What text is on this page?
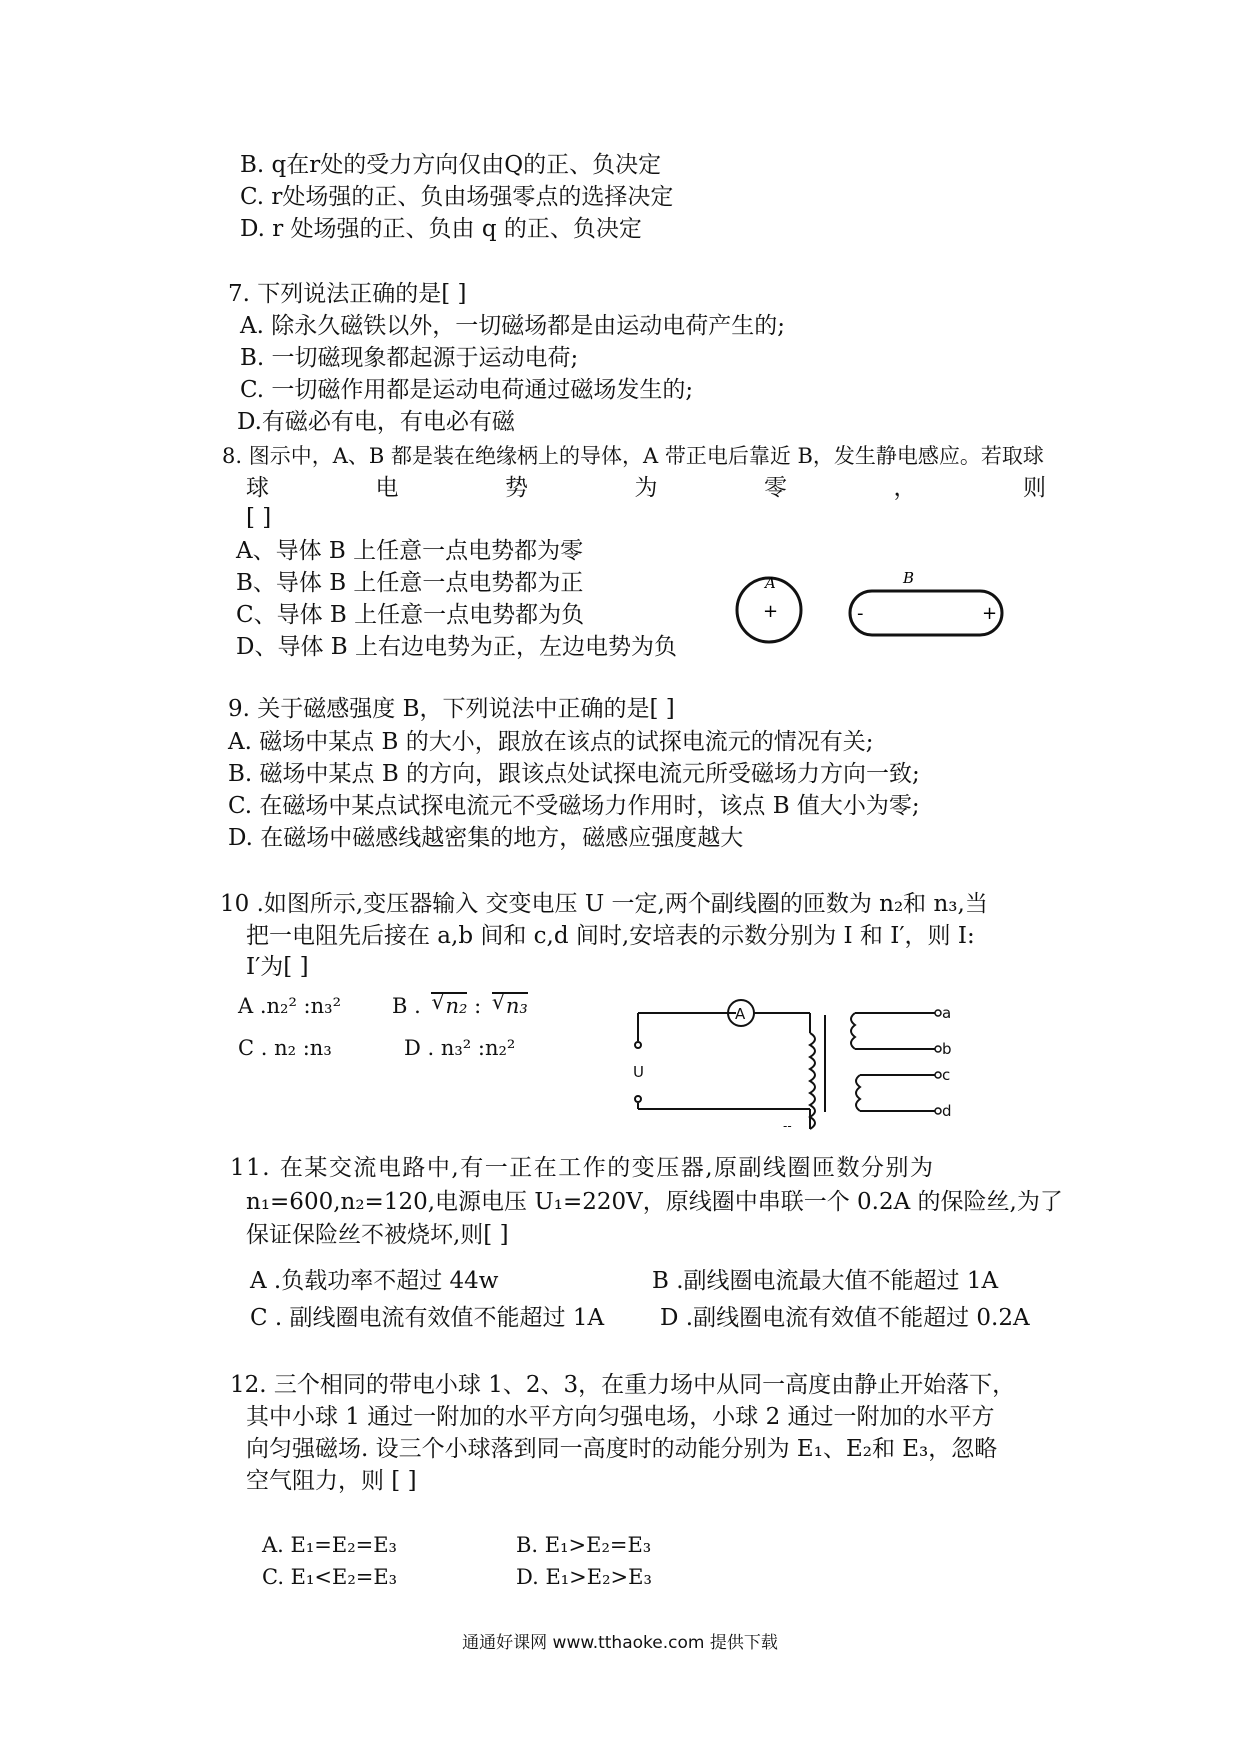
B. q在r处的受力方向仅由Q的正、负决定
C. r处场强的正、负由场强零点的选择决定
D. r 处场强的正、负由 q 的正、负决定
7. 下列说法正确的是[ ]
A. 除永久磁铁以外，一切磁场都是由运动电荷产生的;
B. 一切磁现象都起源于运动电荷;
C. 一切磁作用都是运动电荷通过磁场发生的;
D.有磁必有电，有电必有磁
8. 图示中，A、B 都是装在绝缘柄上的导体，A 带正电后靠近 B，发生静电感应。若取球
球	电	势	为	零	，	则
[ ]
A、导体 B 上任意一点电势都为零
B、导体 B 上任意一点电势都为正
C、导体 B 上任意一点电势都为负
D、导体 B 上右边电势为正，左边电势为负
A
+
B
-	+
9. 关于磁感强度 B，下列说法中正确的是[ ]
A. 磁场中某点 B 的大小，跟放在该点的试探电流元的情况有关;
B. 磁场中某点 B 的方向，跟该点处试探电流元所受磁场力方向一致;
C. 在磁场中某点试探电流元不受磁场力作用时，该点 B 值大小为零;
D. 在磁场中磁感线越密集的地方，磁感应强度越大
10 .如图所示,变压器输入 交变电压 U 一定,两个副线圈的匝数为 n₂和 n₃,当
把一电阻先后接在 a,b 间和 c,d 间时,安培表的示数分别为 I 和 I′，则 I:
I′为[ ]
A .n₂² :n₃² B . √ n₂ : √ n₃
C . n₂ :n₃	D . n₃² :n₂²
A
U
a
b
c
d
--
11. 在某交流电路中,有一正在工作的变压器,原副线圈匝数分别为
n₁=600,n₂=120,电源电压 U₁=220V，原线圈中串联一个 0.2A 的保险丝,为了
保证保险丝不被烧坏,则[ ]
A .负载功率不超过 44w	B .副线圈电流最大值不能超过 1A
C . 副线圈电流有效值不能超过 1A D .副线圈电流有效值不能超过 0.2A
12. 三个相同的带电小球 1、2、3，在重力场中从同一高度由静止开始落下，
其中小球 1 通过一附加的水平方向匀强电场，小球 2 通过一附加的水平方
向匀强磁场. 设三个小球落到同一高度时的动能分别为 E₁、E₂和 E₃，忽略
空气阻力，则 [ ]
A. E₁=E₂=E₃	B. E₁>E₂=E₃
C. E₁<E₂=E₃	D. E₁>E₂>E₃
通通好课网 www.tthaoke.com 提供下载
